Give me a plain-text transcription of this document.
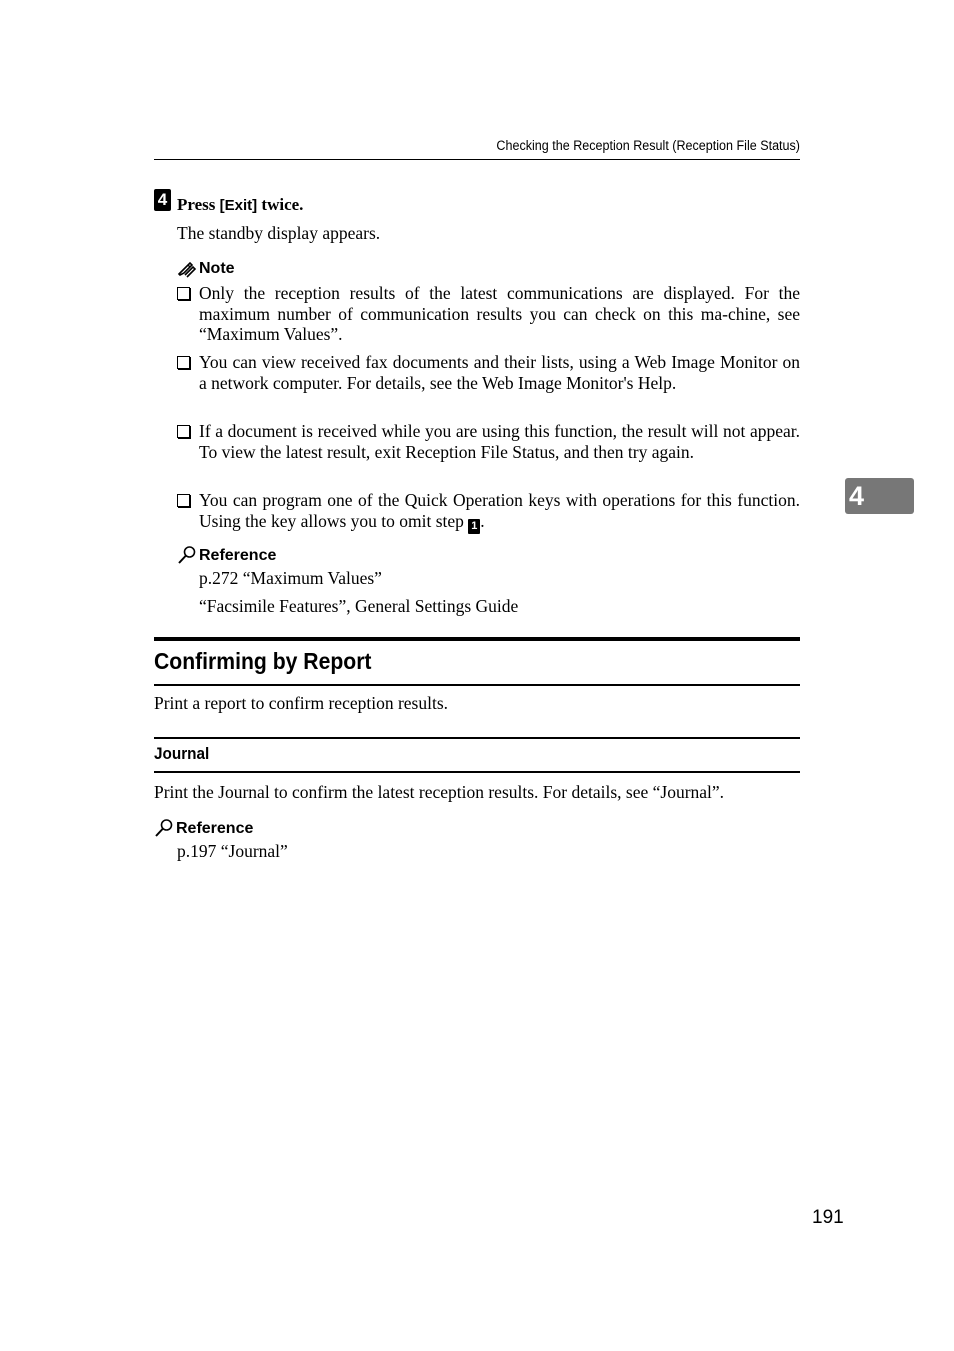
Checking the Reception Result (Reception File Status)
4 Press [Exit] twice.
The standby display appears.
Note
Only the reception results of the latest communications are displayed. For the maximum number of communication results you can check on this ma-chine, see “Maximum Values”.
You can view received fax documents and their lists, using a Web Image Monitor on a network computer. For details, see the Web Image Monitor's Help.
If a document is received while you are using this function, the result will not appear. To view the latest result, exit Reception File Status, and then try again.
You can program one of the Quick Operation keys with operations for this function. Using the key allows you to omit step 1 .
Reference
p.272 “Maximum Values”
“Facsimile Features”, General Settings Guide
Confirming by Report
Print a report to confirm reception results.
Journal
Print the Journal to confirm the latest reception results. For details, see “Journal”.
Reference
p.197 “Journal”
4
191
